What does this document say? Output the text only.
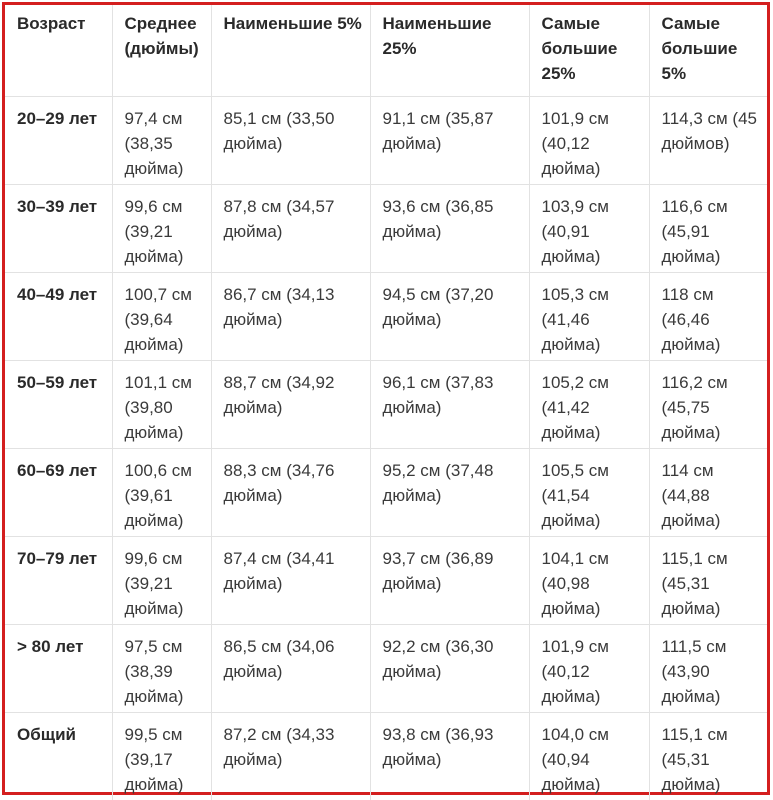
Возраст	Среднее (дюймы)	Наименьшие 5%	Наименьшие 25%	Самые большие 25%	Самые большие 5%
20–29 лет	97,4 см (38,35 дюйма)	85,1 см (33,50 дюйма)	91,1 см (35,87 дюйма)	101,9 см (40,12 дюйма)	114,3 см (45 дюймов)
30–39 лет	99,6 см (39,21 дюйма)	87,8 см (34,57 дюйма)	93,6 см (36,85 дюйма)	103,9 см (40,91 дюйма)	116,6 см (45,91 дюйма)
40–49 лет	100,7 см (39,64 дюйма)	86,7 см (34,13 дюйма)	94,5 см (37,20 дюйма)	105,3 см (41,46 дюйма)	118 см (46,46 дюйма)
50–59 лет	101,1 см (39,80 дюйма)	88,7 см (34,92 дюйма)	96,1 см (37,83 дюйма)	105,2 см (41,42 дюйма)	116,2 см (45,75 дюйма)
60–69 лет	100,6 см (39,61 дюйма)	88,3 см (34,76 дюйма)	95,2 см (37,48 дюйма)	105,5 см (41,54 дюйма)	114 см (44,88 дюйма)
70–79 лет	99,6 см (39,21 дюйма)	87,4 см (34,41 дюйма)	93,7 см (36,89 дюйма)	104,1 см (40,98 дюйма)	115,1 см (45,31 дюйма)
> 80 лет	97,5 см (38,39 дюйма)	86,5 см (34,06 дюйма)	92,2 см (36,30 дюйма)	101,9 см (40,12 дюйма)	111,5 см (43,90 дюйма)
Общий	99,5 см (39,17 дюйма)	87,2 см (34,33 дюйма)	93,8 см (36,93 дюйма)	104,0 см (40,94 дюйма)	115,1 см (45,31 дюйма)
